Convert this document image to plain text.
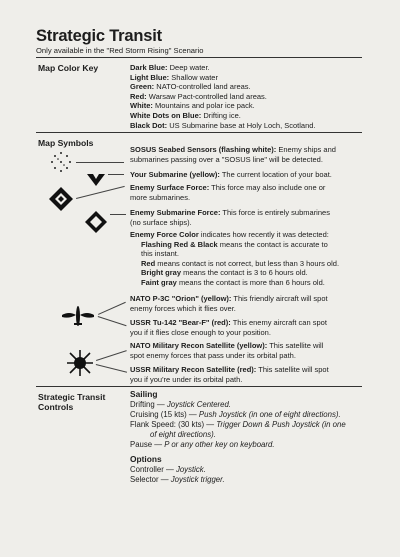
Strategic Transit
Only available in the "Red Storm Rising" Scenario
Map Color Key	Dark Blue: Deep water.
Light Blue: Shallow water
Green: NATO-controlled land areas.
Red: Warsaw Pact-controlled land areas.
White: Mountains and polar ice pack.
White Dots on Blue: Drifting ice.
Black Dot: US Submarine base at Holy Loch, Scotland.
Map Symbols
SOSUS Seabed Sensors (flashing white): Enemy ships and
submarines passing over a "SOSUS line" will be detected.
Your Submarine (yellow): The current location of your boat.
Enemy Surface Force: This force may also include one or
more submarines.
Enemy Submarine Force: This force is entirely submarines
(no surface ships).
Enemy Force Color indicates how recently it was detected:
Flashing Red & Black means the contact is accurate to
this instant.
Red means contact is not correct, but less than 3 hours old.
Bright gray means the contact is 3 to 6 hours old.
Faint gray means the contact is more than 6 hours old.
NATO P-3C "Orion" (yellow): This friendly aircraft will spot
enemy forces which it flies over.
USSR Tu-142 "Bear-F" (red): This enemy aircraft can spot
you if it flies close enough to your position.
NATO Military Recon Satellite (yellow): This satellite will
spot enemy forces that pass under its orbital path.
USSR Military Recon Satellite (red): This satellite will spot
you if you're under its orbital path.
Strategic Transit
Controls
Sailing
Drifting — Joystick Centered.
Cruising (15 kts) — Push Joystick (in one of eight directions).
Flank Speed: (30 kts) — Trigger Down & Push Joystick (in one
of eight directions).
Pause — P or any other key on keyboard.
Options
Controller — Joystick.
Selector — Joystick trigger.
